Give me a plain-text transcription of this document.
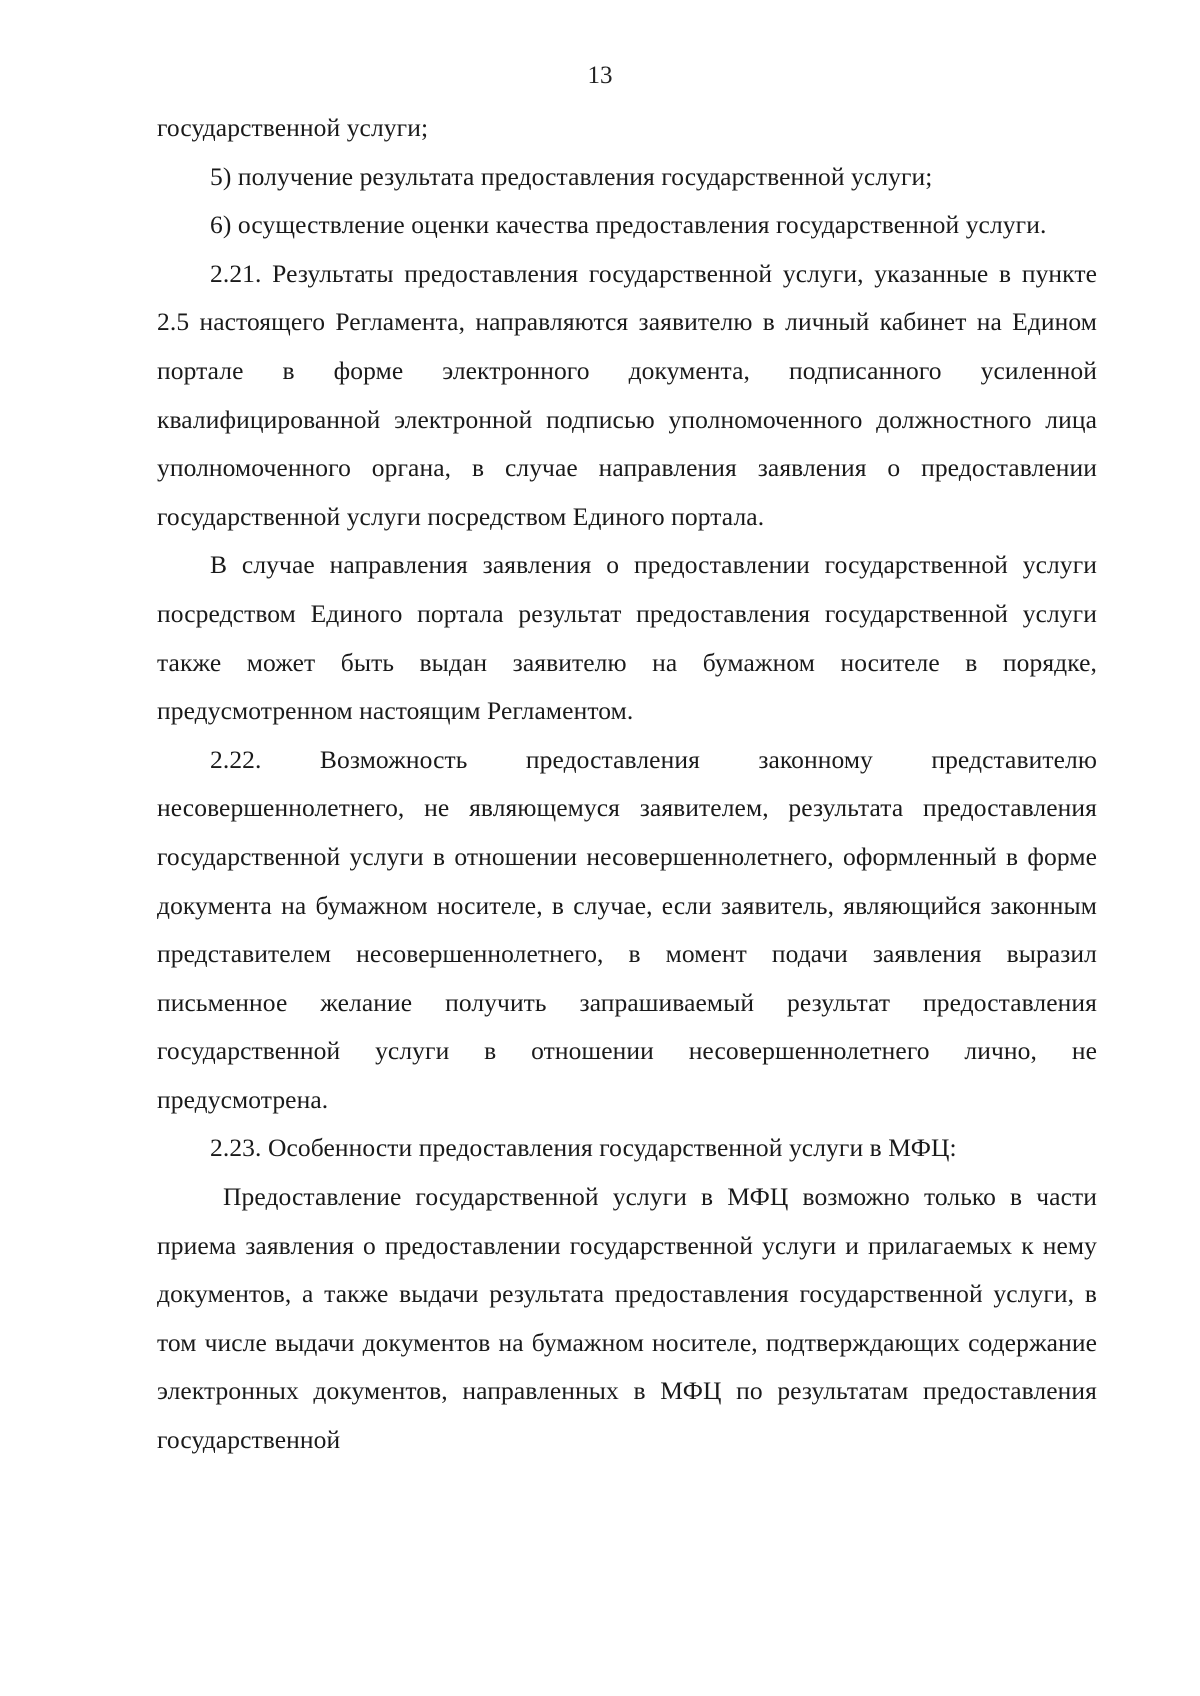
13

государственной услуги;

5) получение результата предоставления государственной услуги;

6) осуществление оценки качества предоставления государственной услуги.

2.21. Результаты предоставления государственной услуги, указанные в пункте 2.5 настоящего Регламента, направляются заявителю в личный кабинет на Едином портале в форме электронного документа, подписанного усиленной квалифицированной электронной подписью уполномоченного должностного лица уполномоченного органа, в случае направления заявления о предоставлении государственной услуги посредством Единого портала.

В случае направления заявления о предоставлении государственной услуги посредством Единого портала результат предоставления государственной услуги также может быть выдан заявителю на бумажном носителе в порядке, предусмотренном настоящим Регламентом.

2.22. Возможность предоставления законному представителю несовершеннолетнего, не являющемуся заявителем, результата предоставления государственной услуги в отношении несовершеннолетнего, оформленный в форме документа на бумажном носителе, в случае, если заявитель, являющийся законным представителем несовершеннолетнего, в момент подачи заявления выразил письменное желание получить запрашиваемый результат предоставления государственной услуги в отношении несовершеннолетнего лично, не предусмотрена.

2.23. Особенности предоставления государственной услуги в МФЦ:

Предоставление государственной услуги в МФЦ возможно только в части приема заявления о предоставлении государственной услуги и прилагаемых к нему документов, а также выдачи результата предоставления государственной услуги, в том числе выдачи документов на бумажном носителе, подтверждающих содержание электронных документов, направленных в МФЦ по результатам предоставления государственной
